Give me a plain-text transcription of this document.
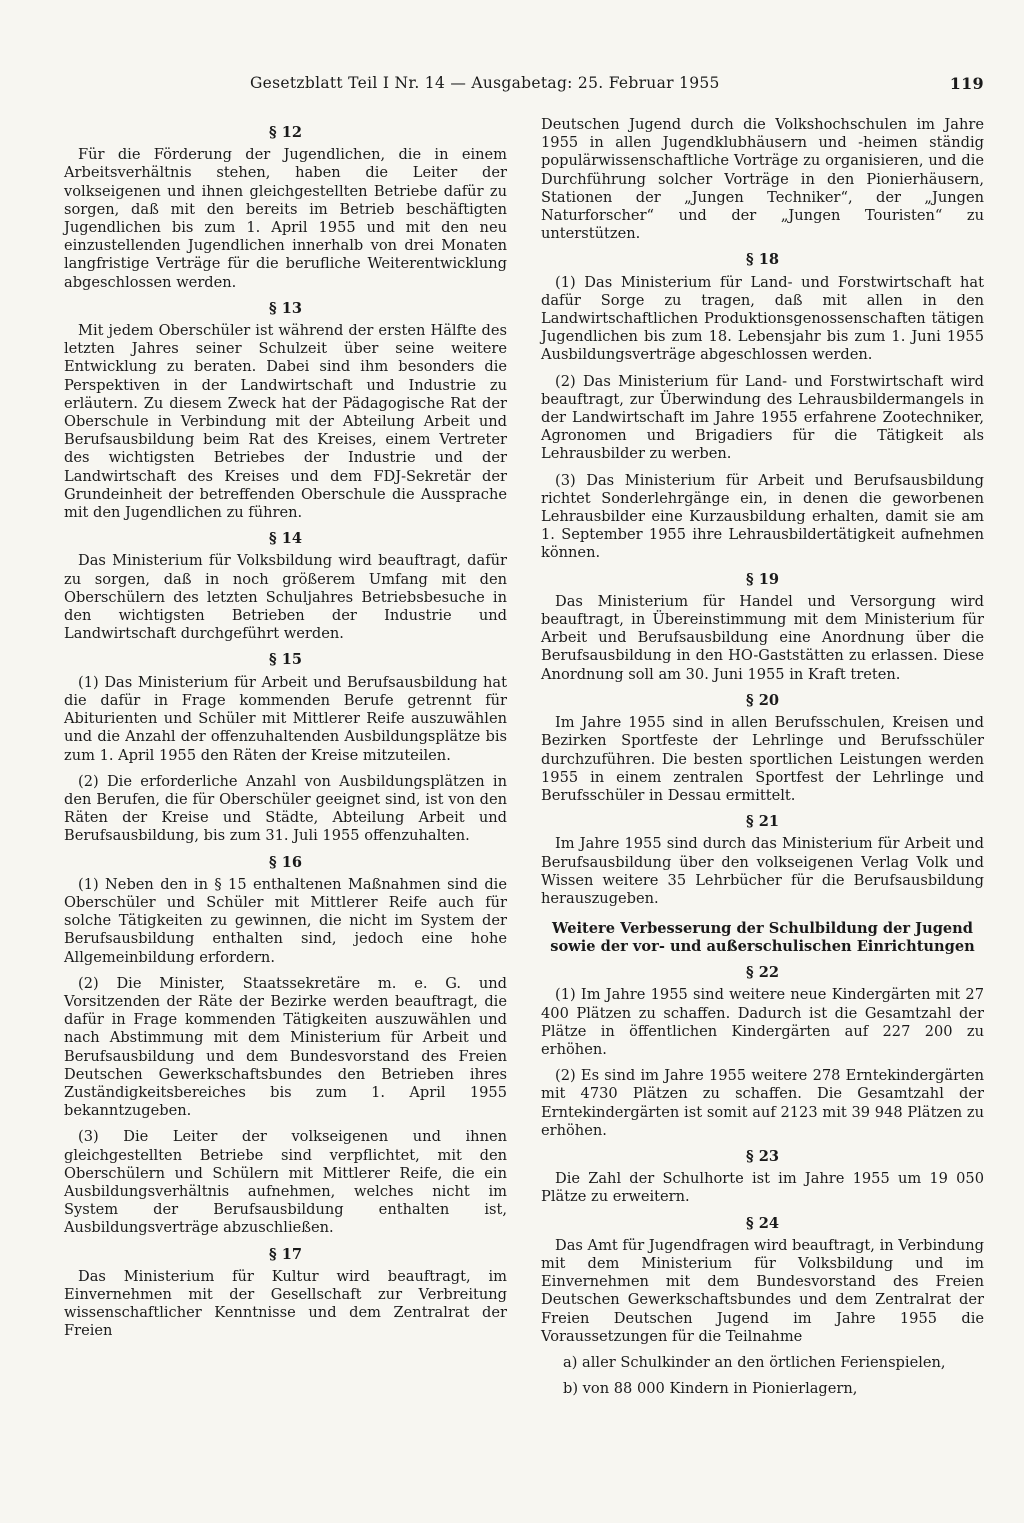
Gesetzblatt Teil I Nr. 14 — Ausgabetag: 25. Februar 1955	119
§ 12

Für die Förderung der Jugendlichen, die in einem Arbeitsverhältnis stehen, haben die Leiter der volkseigenen und ihnen gleichgestellten Betriebe dafür zu sorgen, daß mit den bereits im Betrieb beschäftigten Jugendlichen bis zum 1. April 1955 und mit den neu einzustellenden Jugendlichen innerhalb von drei Monaten langfristige Verträge für die berufliche Weiterentwicklung abgeschlossen werden.

§ 13

Mit jedem Oberschüler ist während der ersten Hälfte des letzten Jahres seiner Schulzeit über seine weitere Entwicklung zu beraten. Dabei sind ihm besonders die Perspektiven in der Landwirtschaft und Industrie zu erläutern. Zu diesem Zweck hat der Pädagogische Rat der Oberschule in Verbindung mit der Abteilung Arbeit und Berufsausbildung beim Rat des Kreises, einem Vertreter des wichtigsten Betriebes der Industrie und der Landwirtschaft des Kreises und dem FDJ-Sekretär der Grundeinheit der betreffenden Oberschule die Aussprache mit den Jugendlichen zu führen.

§ 14

Das Ministerium für Volksbildung wird beauftragt, dafür zu sorgen, daß in noch größerem Umfang mit den Oberschülern des letzten Schuljahres Betriebsbesuche in den wichtigsten Betrieben der Industrie und Landwirtschaft durchgeführt werden.

§ 15

(1) Das Ministerium für Arbeit und Berufsausbildung hat die dafür in Frage kommenden Berufe getrennt für Abiturienten und Schüler mit Mittlerer Reife auszuwählen und die Anzahl der offenzuhaltenden Ausbildungsplätze bis zum 1. April 1955 den Räten der Kreise mitzuteilen.

(2) Die erforderliche Anzahl von Ausbildungsplätzen in den Berufen, die für Oberschüler geeignet sind, ist von den Räten der Kreise und Städte, Abteilung Arbeit und Berufsausbildung, bis zum 31. Juli 1955 offenzuhalten.

§ 16

(1) Neben den in § 15 enthaltenen Maßnahmen sind die Oberschüler und Schüler mit Mittlerer Reife auch für solche Tätigkeiten zu gewinnen, die nicht im System der Berufsausbildung enthalten sind, jedoch eine hohe Allgemeinbildung erfordern.

(2) Die Minister, Staatssekretäre m. e. G. und Vorsitzenden der Räte der Bezirke werden beauftragt, die dafür in Frage kommenden Tätigkeiten auszuwählen und nach Abstimmung mit dem Ministerium für Arbeit und Berufsausbildung und dem Bundesvorstand des Freien Deutschen Gewerkschaftsbundes den Betrieben ihres Zuständigkeitsbereiches bis zum 1. April 1955 bekanntzugeben.

(3) Die Leiter der volkseigenen und ihnen gleichgestellten Betriebe sind verpflichtet, mit den Oberschülern und Schülern mit Mittlerer Reife, die ein Ausbildungsverhältnis aufnehmen, welches nicht im System der Berufsausbildung enthalten ist, Ausbildungsverträge abzuschließen.

§ 17

Das Ministerium für Kultur wird beauftragt, im Einvernehmen mit der Gesellschaft zur Verbreitung wissenschaftlicher Kenntnisse und dem Zentralrat der Freien

Deutschen Jugend durch die Volkshochschulen im Jahre 1955 in allen Jugendklubhäusern und -heimen ständig populärwissenschaftliche Vorträge zu organisieren, und die Durchführung solcher Vorträge in den Pionierhäusern, Stationen der „Jungen Techniker“, der „Jungen Naturforscher“ und der „Jungen Touristen“ zu unterstützen.

§ 18

(1) Das Ministerium für Land- und Forstwirtschaft hat dafür Sorge zu tragen, daß mit allen in den Landwirtschaftlichen Produktionsgenossenschaften tätigen Jugendlichen bis zum 18. Lebensjahr bis zum 1. Juni 1955 Ausbildungsverträge abgeschlossen werden.

(2) Das Ministerium für Land- und Forstwirtschaft wird beauftragt, zur Überwindung des Lehrausbildermangels in der Landwirtschaft im Jahre 1955 erfahrene Zootechniker, Agronomen und Brigadiers für die Tätigkeit als Lehrausbilder zu werben.

(3) Das Ministerium für Arbeit und Berufsausbildung richtet Sonderlehrgänge ein, in denen die geworbenen Lehrausbilder eine Kurzausbildung erhalten, damit sie am 1. September 1955 ihre Lehrausbildertätigkeit aufnehmen können.

§ 19

Das Ministerium für Handel und Versorgung wird beauftragt, in Übereinstimmung mit dem Ministerium für Arbeit und Berufsausbildung eine Anordnung über die Berufsausbildung in den HO-Gaststätten zu erlassen. Diese Anordnung soll am 30. Juni 1955 in Kraft treten.

§ 20

Im Jahre 1955 sind in allen Berufsschulen, Kreisen und Bezirken Sportfeste der Lehrlinge und Berufsschüler durchzuführen. Die besten sportlichen Leistungen werden 1955 in einem zentralen Sportfest der Lehrlinge und Berufsschüler in Dessau ermittelt.

§ 21

Im Jahre 1955 sind durch das Ministerium für Arbeit und Berufsausbildung über den volkseigenen Verlag Volk und Wissen weitere 35 Lehrbücher für die Berufsausbildung herauszugeben.

Weitere Verbesserung der Schulbildung der Jugend
sowie der vor- und außerschulischen Einrichtungen
§ 22

(1) Im Jahre 1955 sind weitere neue Kindergärten mit 27 400 Plätzen zu schaffen. Dadurch ist die Gesamtzahl der Plätze in öffentlichen Kindergärten auf 227 200 zu erhöhen.

(2) Es sind im Jahre 1955 weitere 278 Erntekindergärten mit 4730 Plätzen zu schaffen. Die Gesamtzahl der Erntekindergärten ist somit auf 2123 mit 39 948 Plätzen zu erhöhen.

§ 23

Die Zahl der Schulhorte ist im Jahre 1955 um 19 050 Plätze zu erweitern.

§ 24

Das Amt für Jugendfragen wird beauftragt, in Verbindung mit dem Ministerium für Volksbildung und im Einvernehmen mit dem Bundesvorstand des Freien Deutschen Gewerkschaftsbundes und dem Zentralrat der Freien Deutschen Jugend im Jahre 1955 die Voraussetzungen für die Teilnahme

a) aller Schulkinder an den örtlichen Ferienspielen,

b) von 88 000 Kindern in Pionierlagern,
